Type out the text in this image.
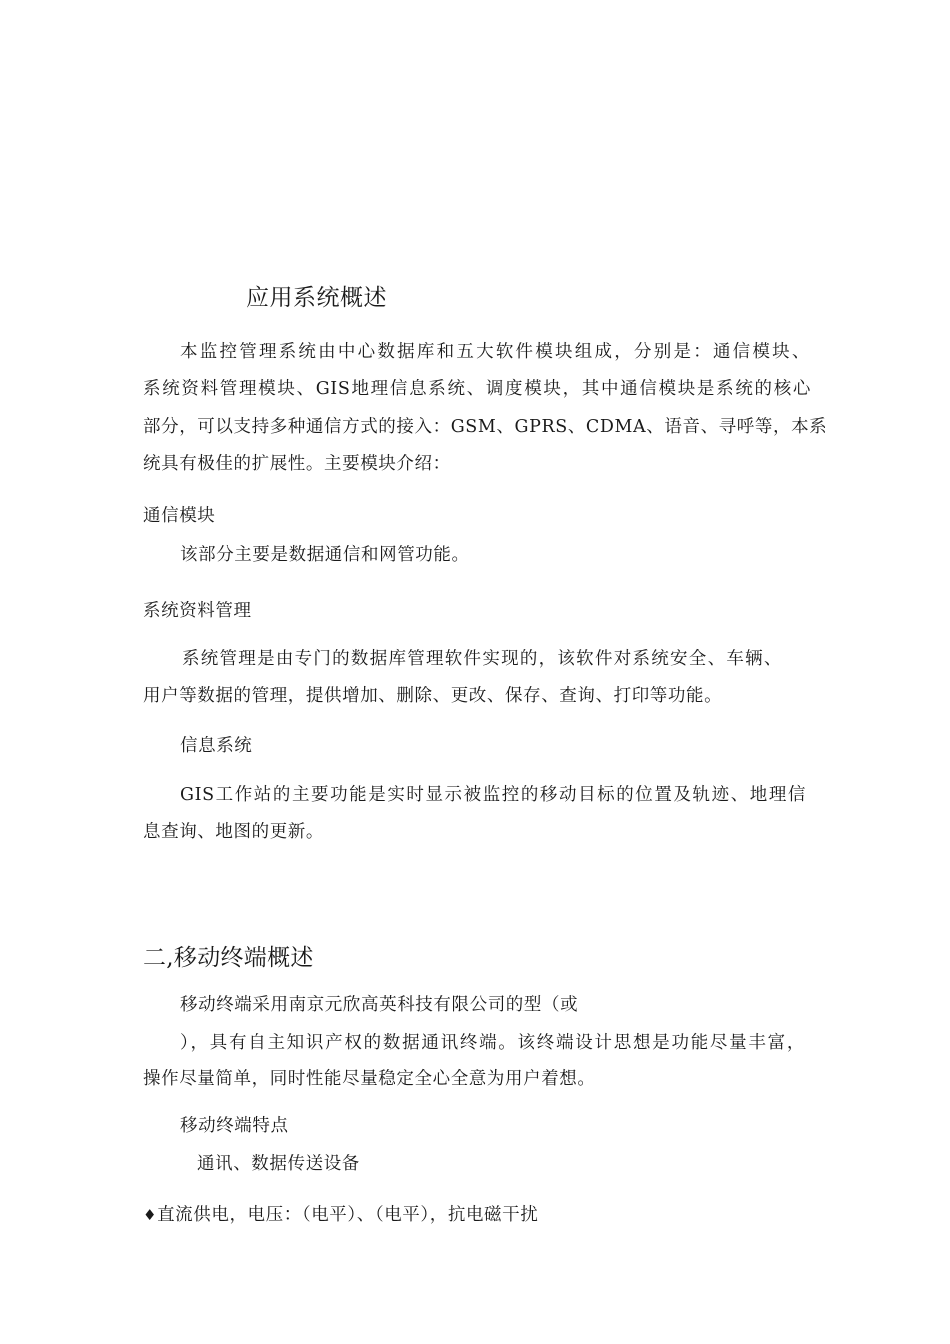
应用系统概述
本监控管理系统由中心数据库和五大软件模块组成，分别是：通信模块、
系统资料管理模块、GIS地理信息系统、调度模块，其中通信模块是系统的核心
部分，可以支持多种通信方式的接入：GSM、GPRS、CDMA、语音、寻呼等，本系
统具有极佳的扩展性。主要模块介绍：
通信模块
该部分主要是数据通信和网管功能。
系统资料管理
系统管理是由专门的数据库管理软件实现的，该软件对系统安全、车辆、
用户等数据的管理，提供增加、删除、更改、保存、查询、打印等功能。
信息系统
GIS工作站的主要功能是实时显示被监控的移动目标的位置及轨迹、地理信
息查询、地图的更新。
二,移动终端概述
移动终端采用南京元欣高英科技有限公司的型（或
），具有自主知识产权的数据通讯终端。该终端设计思想是功能尽量丰富，
操作尽量简单，同时性能尽量稳定全心全意为用户着想。
移动终端特点
通讯、数据传送设备
♦直流供电，电压：（电平）、（电平），抗电磁干扰
